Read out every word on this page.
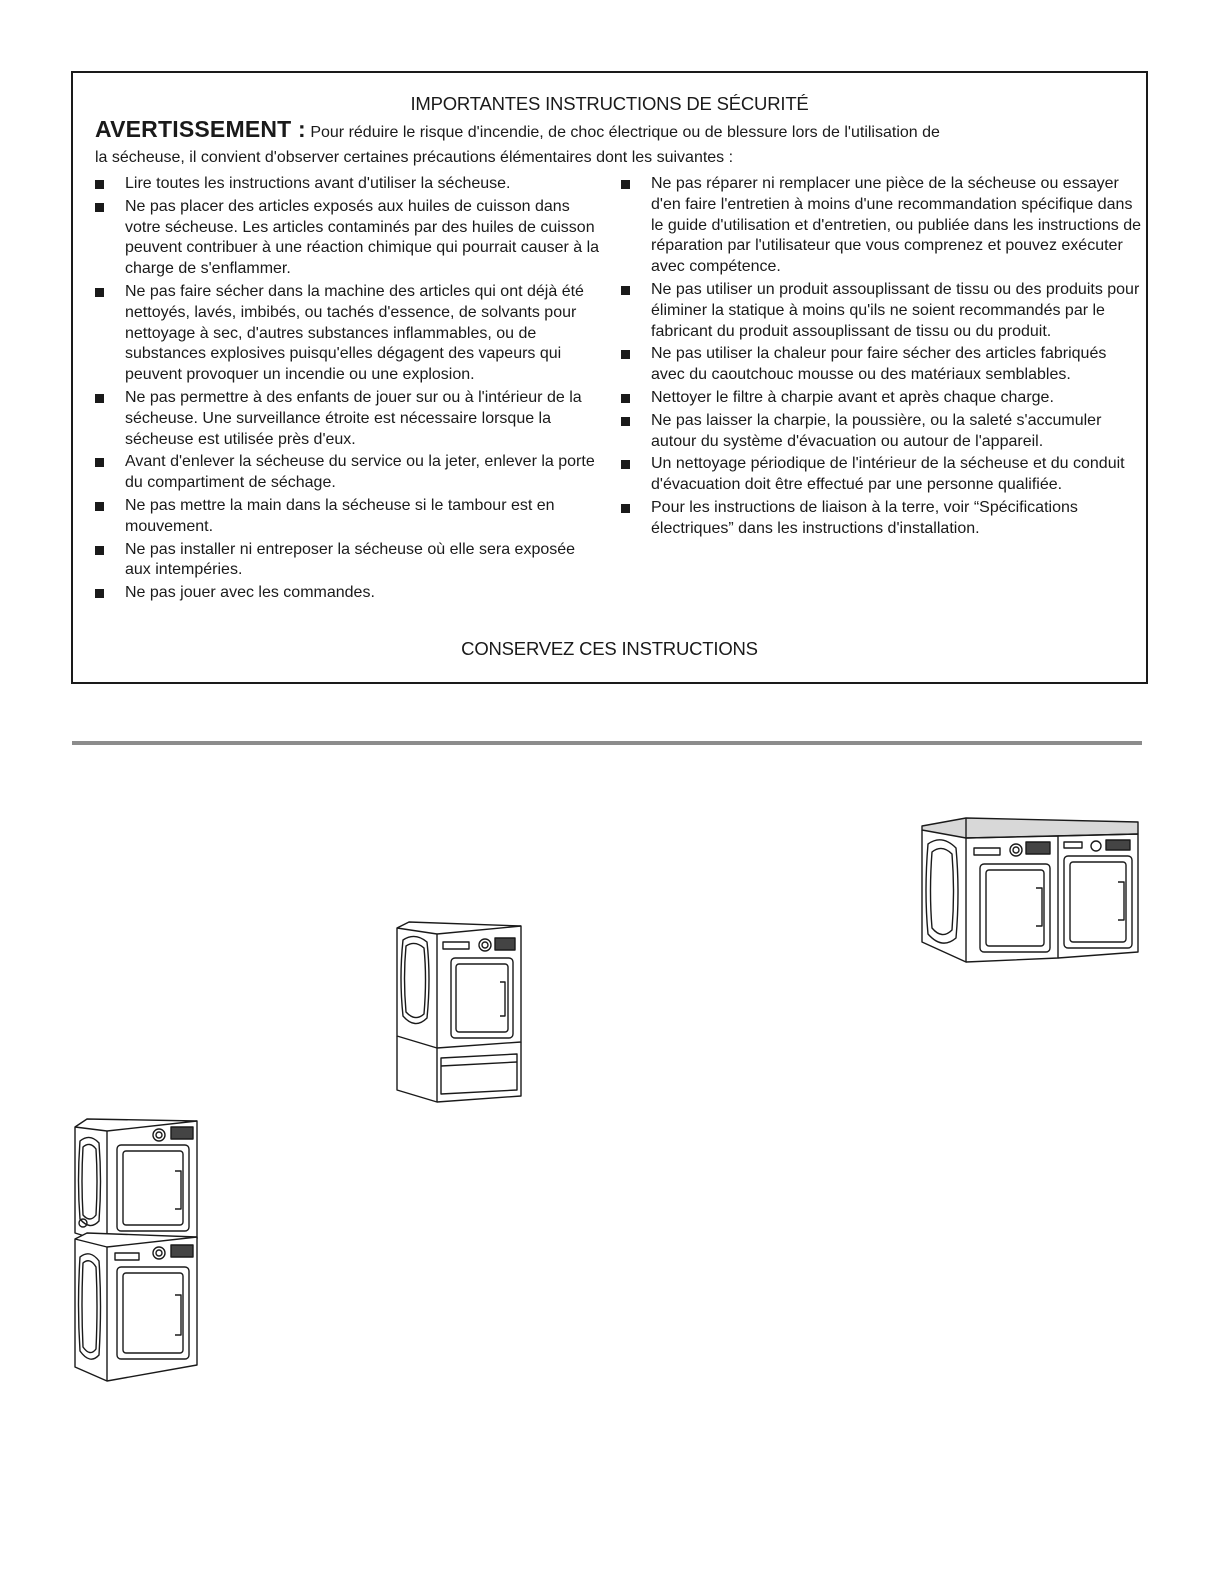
IMPORTANTES INSTRUCTIONS DE SÉCURITÉ
AVERTISSEMENT : Pour réduire le risque d'incendie, de choc électrique ou de blessure lors de l'utilisation de
la sécheuse, il convient d'observer certaines précautions élémentaires dont les suivantes :
Lire toutes les instructions avant d'utiliser la sécheuse.
Ne pas placer des articles exposés aux huiles de cuisson dans votre sécheuse. Les articles contaminés par des huiles de cuisson peuvent contribuer à une réaction chimique qui pourrait causer à la charge de s'enflammer.
Ne pas faire sécher dans la machine des articles qui ont déjà été nettoyés, lavés, imbibés, ou tachés d'essence, de solvants pour nettoyage à sec, d'autres substances inflammables, ou de substances explosives puisqu'elles dégagent des vapeurs qui peuvent provoquer un incendie ou une explosion.
Ne pas permettre à des enfants de jouer sur ou à l'intérieur de la sécheuse. Une surveillance étroite est nécessaire lorsque la sécheuse est utilisée près d'eux.
Avant d'enlever la sécheuse du service ou la jeter, enlever la porte du compartiment de séchage.
Ne pas mettre la main dans la sécheuse si le tambour est en mouvement.
Ne pas installer ni entreposer la sécheuse où elle sera exposée aux intempéries.
Ne pas jouer avec les commandes.
Ne pas réparer ni remplacer une pièce de la sécheuse ou essayer d'en faire l'entretien à moins d'une recommandation spécifique dans le guide d'utilisation et d'entretien, ou publiée dans les instructions de réparation par l'utilisateur que vous comprenez et pouvez exécuter avec compétence.
Ne pas utiliser un produit assouplissant de tissu ou des produits pour éliminer la statique à moins qu'ils ne soient recommandés par le fabricant du produit assouplissant de tissu ou du produit.
Ne pas utiliser la chaleur pour faire sécher des articles fabriqués avec du caoutchouc mousse ou des matériaux semblables.
Nettoyer le filtre à charpie avant et après chaque charge.
Ne pas laisser la charpie, la poussière, ou la saleté s'accumuler autour du système d'évacuation ou autour de l'appareil.
Un nettoyage périodique de l'intérieur de la sécheuse et du conduit d'évacuation doit être effectué par une personne qualifiée.
Pour les instructions de liaison à la terre, voir “Spécifications électriques” dans les instructions d'installation.
CONSERVEZ CES INSTRUCTIONS
